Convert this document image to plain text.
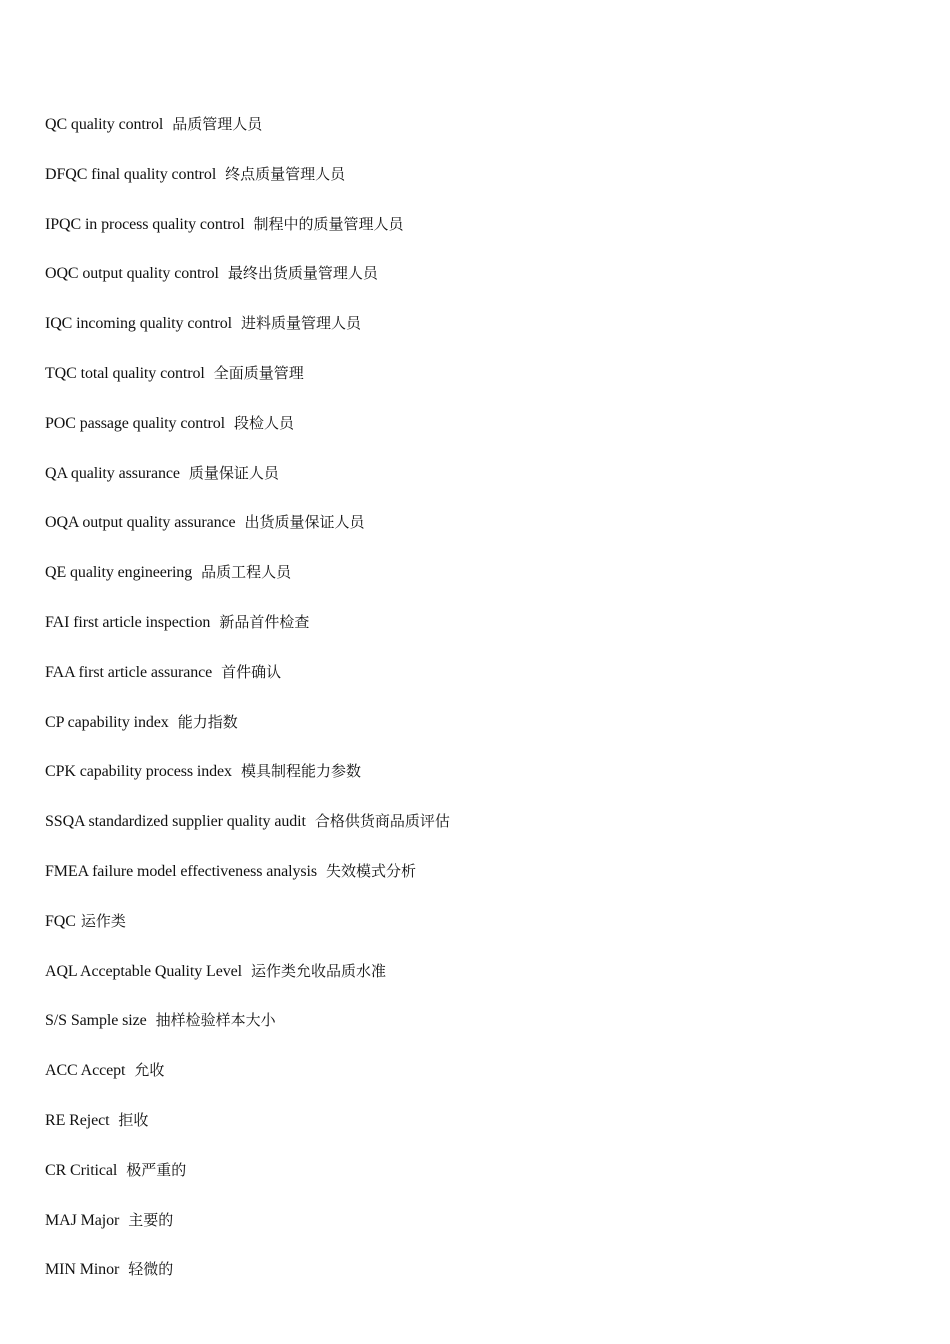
QC quality control 品质管理人员
DFQC final quality control 终点质量管理人员
IPQC in process quality control 制程中的质量管理人员
OQC output quality control 最终出货质量管理人员
IQC incoming quality control 进料质量管理人员
TQC total quality control 全面质量管理
POC passage quality control 段检人员
QA quality assurance 质量保证人员
OQA output quality assurance 出货质量保证人员
QE quality engineering 品质工程人员
FAI first article inspection 新品首件检查
FAA first article assurance 首件确认
CP capability index 能力指数
CPK capability process index 模具制程能力参数
SSQA standardized supplier quality audit 合格供货商品质评估
FMEA failure model effectiveness analysis 失效模式分析
FQC 运作类
AQL Acceptable Quality Level 运作类允收品质水准
S/S Sample size 抽样检验样本大小
ACC Accept 允收
RE Reject 拒收
CR Critical 极严重的
MAJ Major 主要的
MIN Minor 轻微的
